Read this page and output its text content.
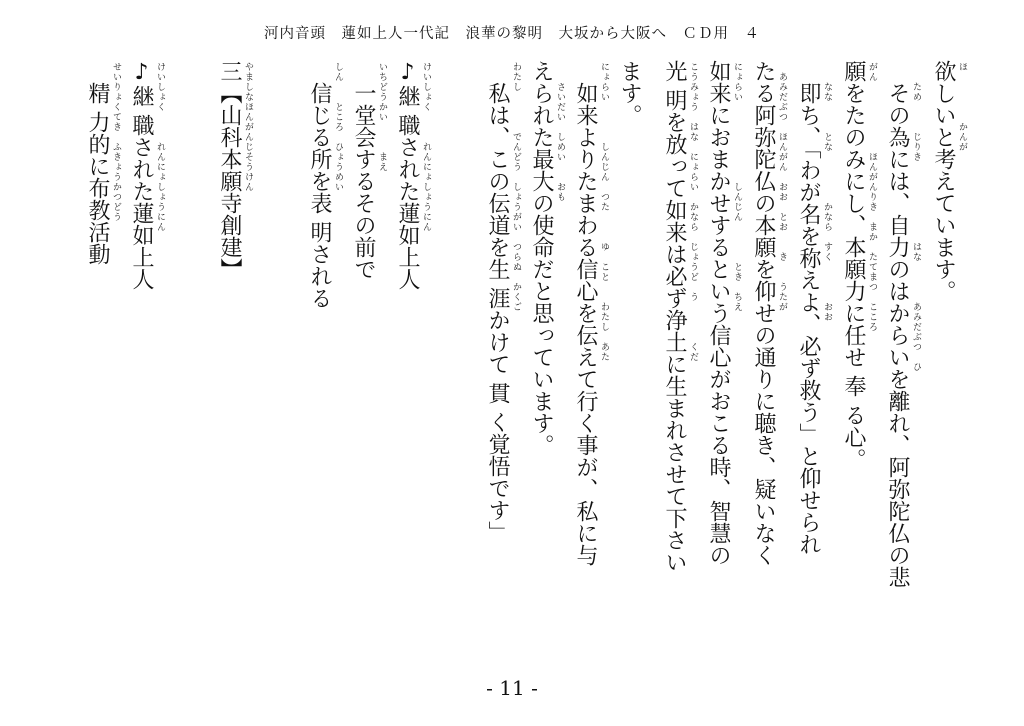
河内音頭　蓮如上人一代記　浪華の黎明　大坂から大阪へ　ＣＤ用　４
欲しいと考えています。
　その為には、自力のはからいを離れ、阿弥陀仏の悲
願をたのみにし、本願力に任せ 奉 る心。
　即ち、「わが名を称えよ、必ず救う」と仰せられ
たる阿弥陀仏の本願を仰せの通りに聴き、疑いなく
如来におまかせするという信心がおこる時、智慧の
光 明を放って如来は必ず浄土に生まれさせて下さい
ます。
　如来よりたまわる信心を伝えて行く事が、私に与
えられた最大の使命だと思っています。
　私は、この伝道を生 涯かけて 貫 く覚悟です」
♪継 職された蓮如上人
　一堂会するその前で
　信じる所を表 明される
三【山科本願寺創建】
♪継 職された蓮如上人
　精 力的に布教活動	ほ　　　　　かんが
　　ため　　　じりき　　　　　　　　はな　　　　あみだぶつ　ひ
がん　　　　　　　ほんがんりき　まか　たてまつ　こころ
　　なな　　　とな　　　　　かなら　すく　　　　おお
　あみだぶつ　ほんがん　おお　とお　　き　　うたが
にょらい　　　　　　　　しんじん　　　　とき　ちえ
こうみょう　はな　にょらい　かなら　じょうど　う　　　　くだ
にょらい　　　　しんじん　つた　　　ゆ　こと　　わたし　あた
　　さいだい　しめい　　おも
わたし　　　　でんどう　しょうがい　つらぬ　かくご
けいしょく　　　れんにょしょうにん
いちどうかい　　　まえ
しん　　ところ　ひょうめい
やましなほんがんじそうけん
けいしょく　　　れんにょしょうにん
せいりょくてき　ふきょうかつどう
- 11 -
